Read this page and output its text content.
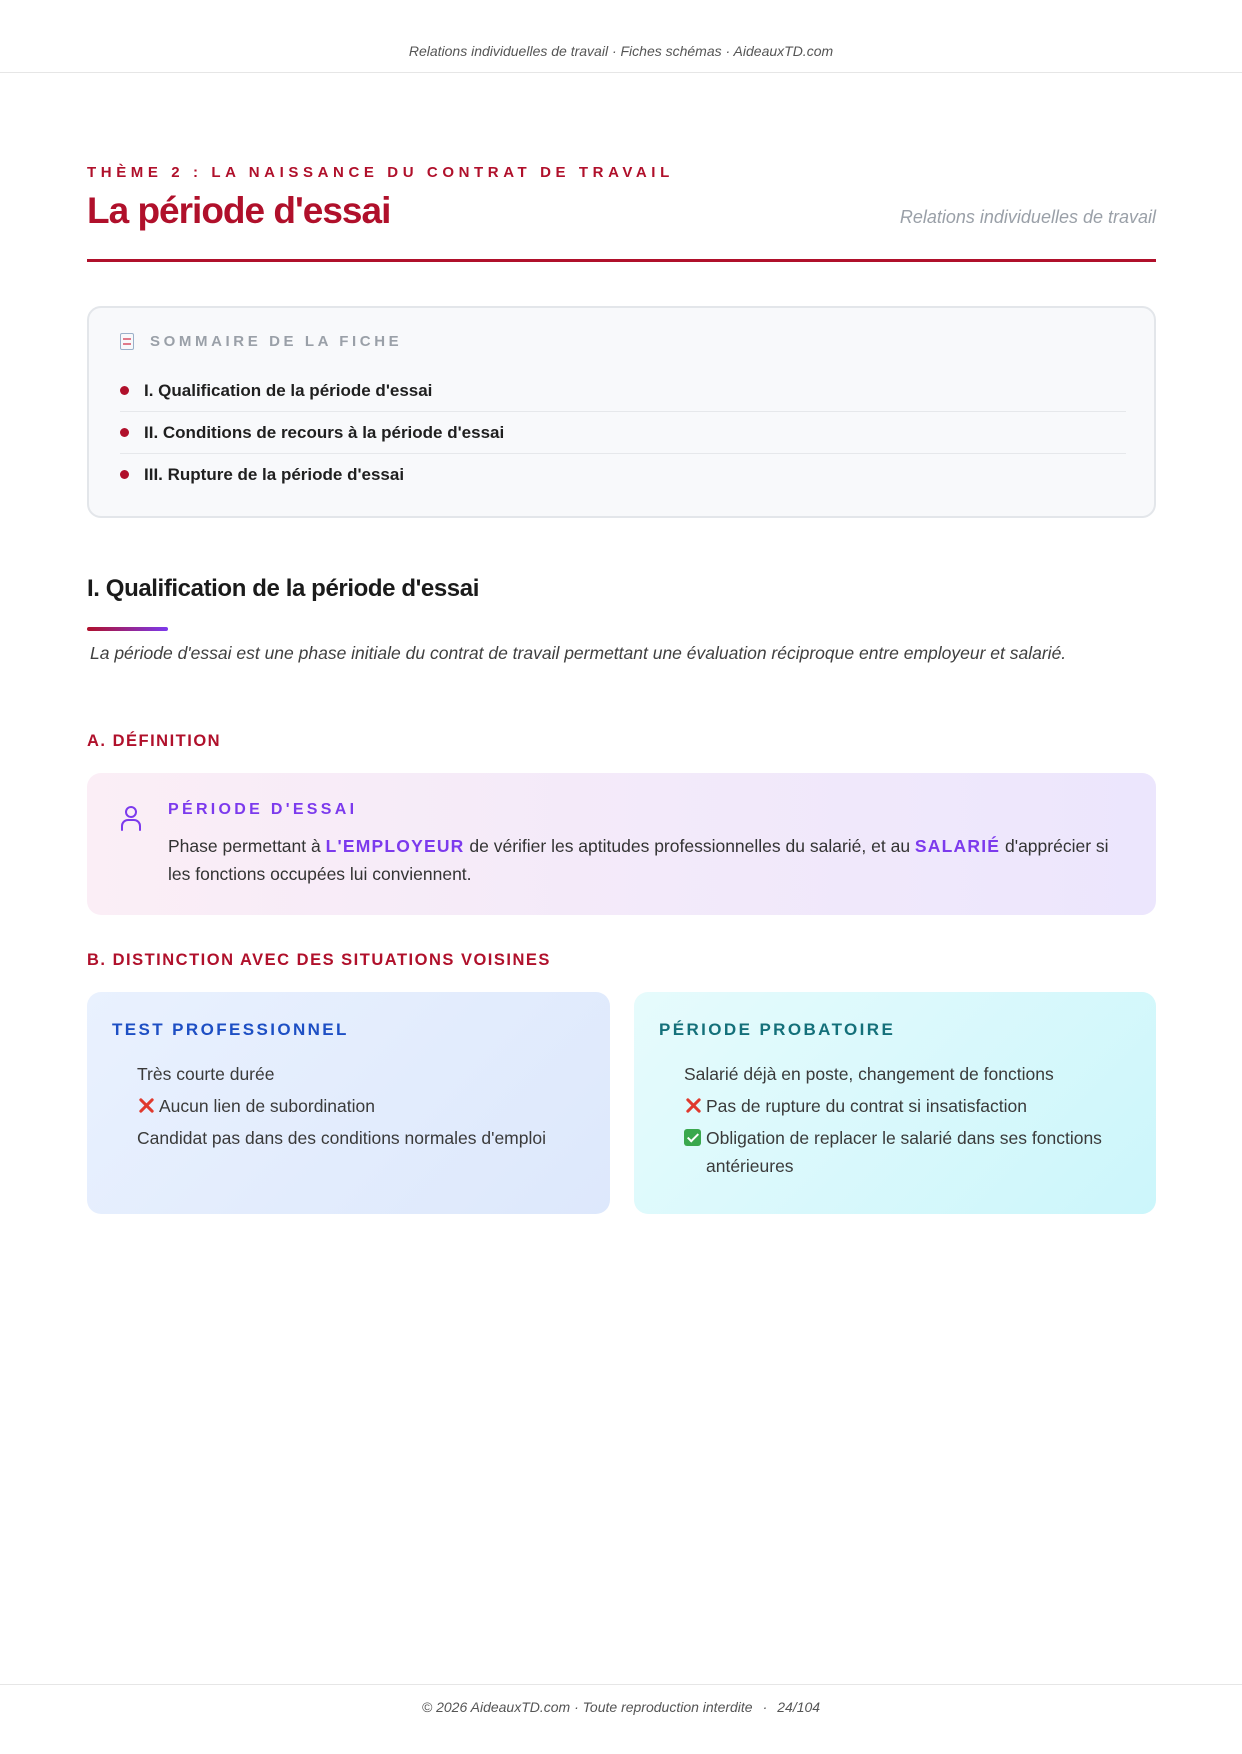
Relations individuelles de travail · Fiches schémas · AideauxTD.com
THÈME 2 : LA NAISSANCE DU CONTRAT DE TRAVAIL
La période d'essai	Relations individuelles de travail
SOMMAIRE DE LA FICHE
I. Qualification de la période d'essai
II. Conditions de recours à la période d'essai
III. Rupture de la période d'essai
I. Qualification de la période d'essai

La période d'essai est une phase initiale du contrat de travail permettant une évaluation réciproque entre employeur et salarié.

A. DÉFINITION
PÉRIODE D'ESSAI

Phase permettant à L'EMPLOYEUR de vérifier les aptitudes professionnelles du salarié, et au SALARIÉ d'apprécier si les fonctions occupées lui conviennent.

B. DISTINCTION AVEC DES SITUATIONS VOISINES
TEST PROFESSIONNEL
Très courte durée
Aucun lien de subordination
Candidat pas dans des conditions normales d'emploi
PÉRIODE PROBATOIRE
Salarié déjà en poste, changement de fonctions
Pas de rupture du contrat si insatisfaction
Obligation de replacer le salarié dans ses fonctions antérieures
© 2026 AideauxTD.com · Toute reproduction interdite · 24/104
